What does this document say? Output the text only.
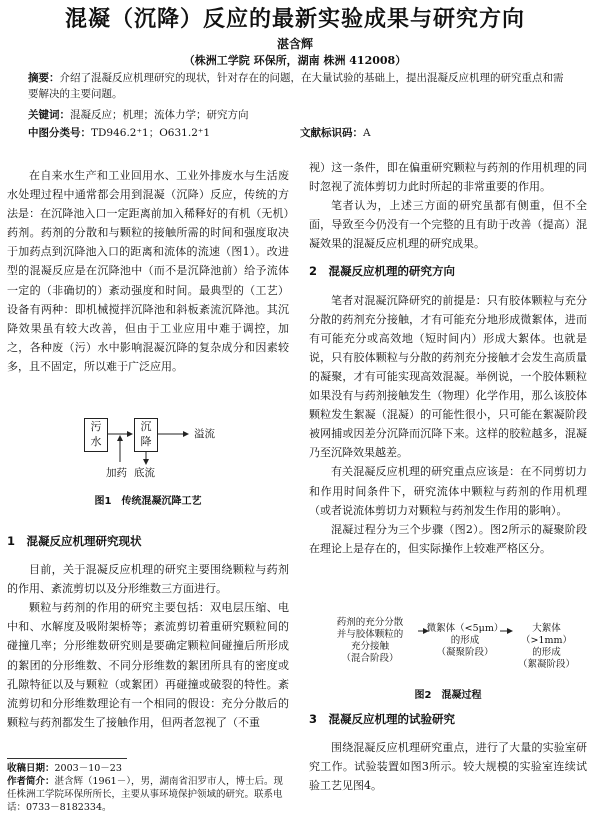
混凝（沉降）反应的最新实验成果与研究方向
湛含辉
（株洲工学院 环保所，湖南 株洲 412008）
摘要：介绍了混凝反应机理研究的现状，针对存在的问题，在大量试验的基础上，提出混凝反应机理的研究重点和需要解决的主要问题。
关键词：混凝反应；机理；流体力学；研究方向
中图分类号：TD946.2⁺1；O631.2⁺1	文献标识码：A

在自来水生产和工业回用水、工业外排废水与生活废水处理过程中通常都会用到混凝（沉降）反应，传统的方法是：在沉降池入口一定距离前加入稀释好的有机（无机）药剂。药剂的分散和与颗粒的接触所需的时间和强度取决于加药点到沉降池入口的距离和流体的流速（图1）。改进型的混凝反应是在沉降池中（而不是沉降池前）给予流体一定的（非确切的）紊动强度和时间。最典型的（工艺）设备有两种：即机械搅拌沉降池和斜板紊流沉降池。其沉降效果虽有较大改善，但由于工业应用中难于调控，加之，各种废（污）水中影响混凝沉降的复杂成分和因素较多，且不固定，所以难于广泛应用。

污
水
沉
降
溢流
加药 底流
图1　传统混凝沉降工艺
1　混凝反应机理研究现状

目前，关于混凝反应机理的研究主要围绕颗粒与药剂的作用、紊流剪切以及分形维数三方面进行。

颗粒与药剂的作用的研究主要包括：双电层压缩、电中和、水解度及吸附架桥等；紊流剪切着重研究颗粒间的碰撞几率；分形维数研究则是要确定颗粒间碰撞后所形成的絮团的分形维数、不同分形维数的絮团所具有的密度或孔隙特征以及与颗粒（或絮团）再碰撞或破裂的特性。紊流剪切和分形维数理论有一个相同的假设：充分分散后的颗粒与药剂都发生了接触作用，但两者忽视了（不重

视）这一条件，即在偏重研究颗粒与药剂的作用机理的同时忽视了流体剪切力此时所起的非常重要的作用。

笔者认为，上述三方面的研究虽都有侧重，但不全面，导致至今仍没有一个完整的且有助于改善（提高）混凝效果的混凝反应机理的研究成果。

2　混凝反应机理的研究方向

笔者对混凝沉降研究的前提是：只有胶体颗粒与充分分散的药剂充分接触，才有可能充分地形成微絮体，进而有可能充分或高效地（短时间内）形成大絮体。也就是说，只有胶体颗粒与分散的药剂充分接触才会发生高质量的凝聚，才有可能实现高效混凝。举例说，一个胶体颗粒如果没有与药剂接触发生（物理）化学作用，那么该胶体颗粒发生絮凝（混凝）的可能性很小，只可能在絮凝阶段被网捕或因差分沉降而沉降下来。这样的胶粒越多，混凝乃至沉降效果越差。

有关混凝反应机理的研究重点应该是：在不同剪切力和作用时间条件下，研究流体中颗粒与药剂的作用机理（或者说流体剪切力对颗粒与药剂发生作用的影响）。

混凝过程分为三个步骤（图2）。图2所示的凝聚阶段在理论上是存在的，但实际操作上较难严格区分。

药剂的充分分散
并与胶体颗粒的
充分接触
（混合阶段）
微絮体（<5μm）
的形成
（凝聚阶段）
大絮体（>1mm）
的形成
（絮凝阶段）
图2　混凝过程
3　混凝反应机理的试验研究

围绕混凝反应机理研究重点，进行了大量的实验室研究工作。试验装置如图3所示。较大规模的实验室连续试验工艺见图4。

收稿日期：2003－10－23
作者简介：湛含辉（1961－），男，湖南省汨罗市人，博士后。现任株洲工学院环保所所长，主要从事环境保护领域的研究。联系电话：0733－8182334。
